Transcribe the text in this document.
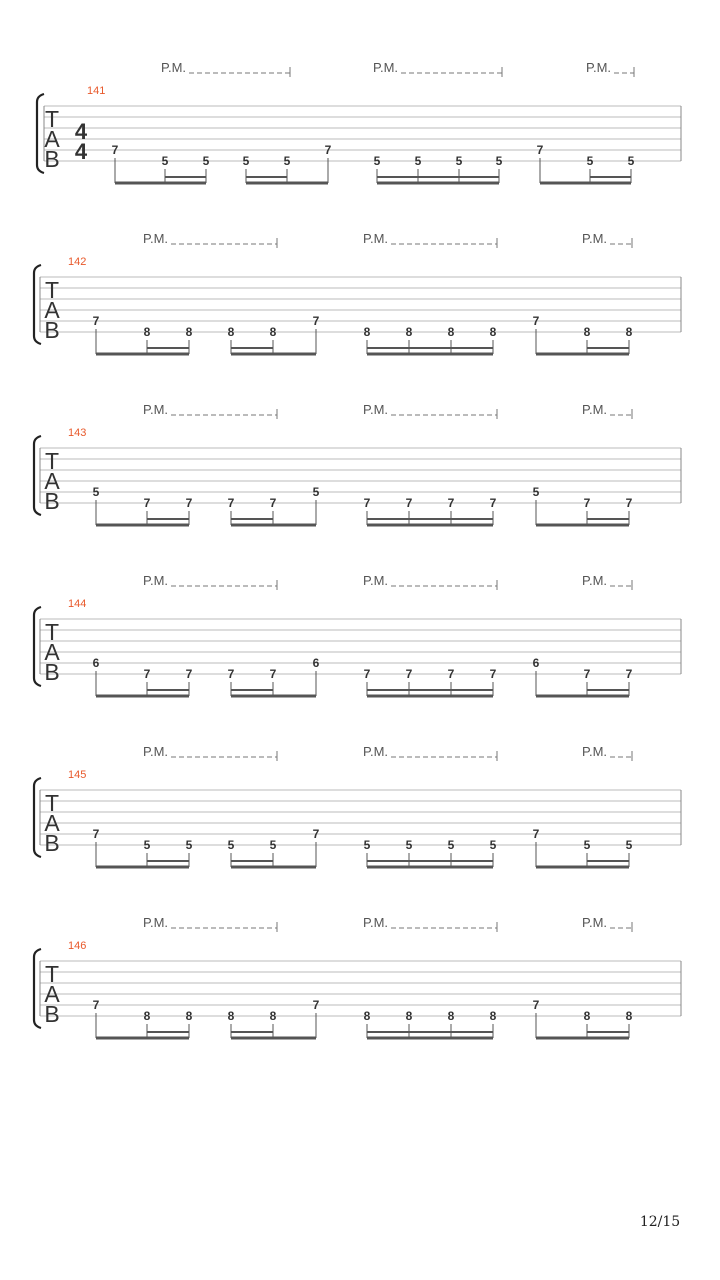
T
A
B
4
4
141
7
5	5	5	5
7
5	5	5	5
7
5	5
P.M.	P.M.	P.M.
T
A
B
142
7
8	8	8	8
7
8	8	8	8
7
8	8
P.M.	P.M.	P.M.
T
A
B
143
5
7	7	7	7
5
7	7	7	7
5
7	7
P.M.	P.M.	P.M.
T
A
B
144
6
7	7	7	7
6
7	7	7	7
6
7	7
P.M.	P.M.	P.M.
T
A
B
145
7
5	5	5	5
7
5	5	5	5
7
5	5
P.M.	P.M.	P.M.
T
A
B
146
7
8	8	8	8
7
8	8	8	8
7
8	8
P.M.	P.M.	P.M.
12/15
